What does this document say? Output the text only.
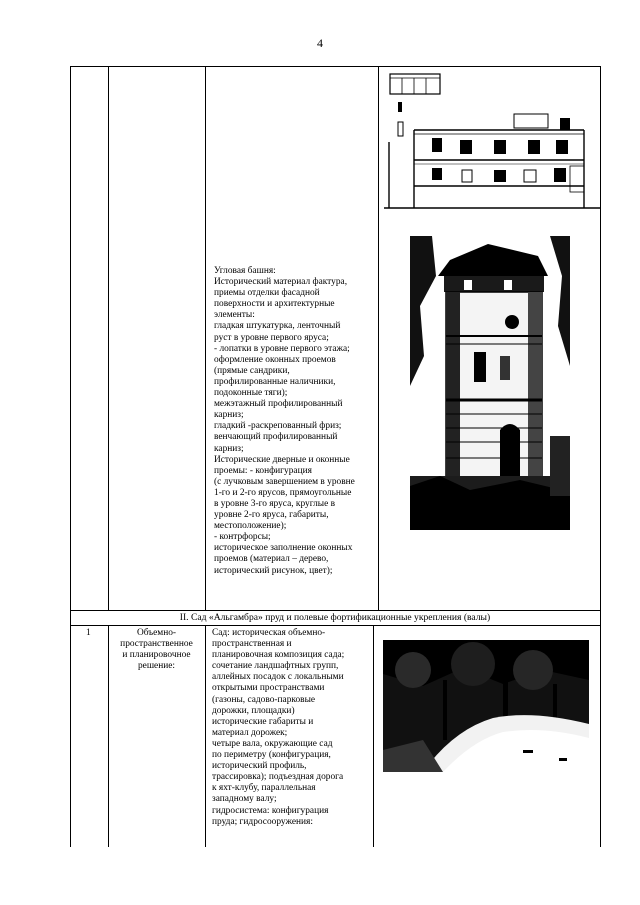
4
Угловая башня:
Исторический материал фактура,
приемы отделки фасадной
поверхности и архитектурные
элементы:
гладкая штукатурка, ленточный
руст в уровне первого яруса;
- лопатки в уровне первого этажа;
оформление оконных проемов
(прямые сандрики,
профилированные наличники,
подоконные тяги);
межэтажный профилированный
карниз;
гладкий -раскрепованный фриз;
венчающий профилированный
карниз;
Исторические дверные и оконные
проемы: - конфигурация
(с лучковым завершением в уровне
1-го и 2-го ярусов, прямоугольные
в уровне 3-го яруса, круглые в
уровне 2-го яруса, габариты,
местоположение);
- контрфорсы;
историческое заполнение оконных
проемов (материал – дерево,
исторический рисунок, цвет);
II. Сад «Альгамбра» пруд и полевые фортификационные укрепления (валы)
1	Объемно-
пространственное
и планировочное
решение:
Сад: историческая объемно-
пространственная и
планировочная композиция сада;
сочетание ландшафтных групп,
аллейных посадок с локальными
открытыми пространствами
(газоны, садово-парковые
дорожки, площадки)
исторические габариты и
материал дорожек;
четыре вала, окружающие сад
по периметру (конфигурация,
исторический профиль,
трассировка); подъездная дорога
к яхт-клубу, параллельная
западному валу;
гидросистема: конфигурация
пруда; гидросооружения:
